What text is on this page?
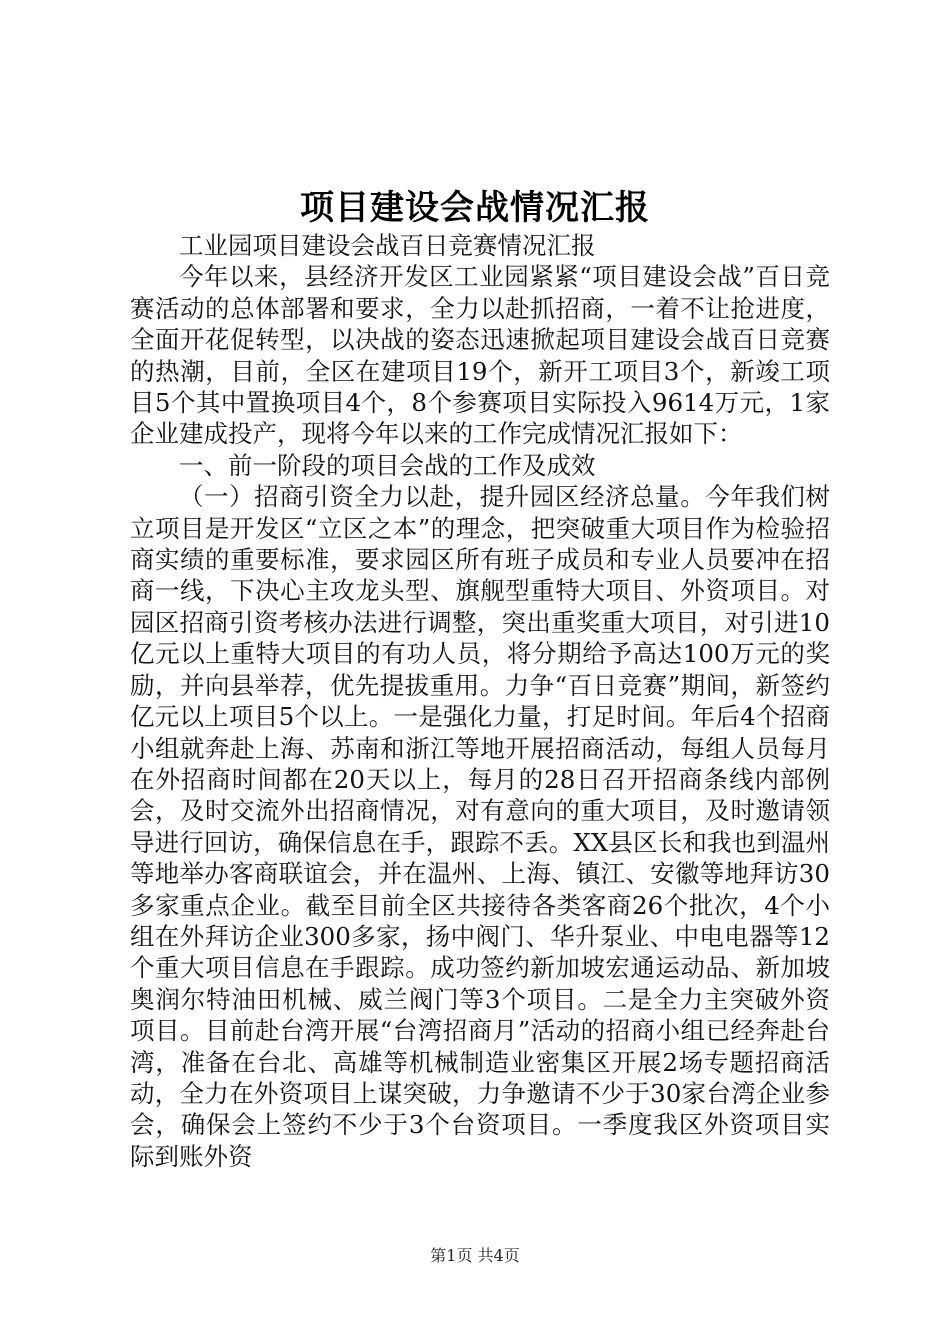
项目建设会战情况汇报

工业园项目建设会战百日竞赛情况汇报

今年以来，县经济开发区工业园紧紧“项目建设会战”百日竞赛活动的总体部署和要求，全力以赴抓招商，一着不让抢进度，全面开花促转型，以决战的姿态迅速掀起项目建设会战百日竞赛的热潮，目前，全区在建项目19个，新开工项目3个，新竣工项目5个其中置换项目4个，8个参赛项目实际投入9614万元，1家企业建成投产，现将今年以来的工作完成情况汇报如下：

一、前一阶段的项目会战的工作及成效

（一）招商引资全力以赴，提升园区经济总量。今年我们树立项目是开发区“立区之本”的理念，把突破重大项目作为检验招商实绩的重要标准，要求园区所有班子成员和专业人员要冲在招商一线，下决心主攻龙头型、旗舰型重特大项目、外资项目。对园区招商引资考核办法进行调整，突出重奖重大项目，对引进10亿元以上重特大项目的有功人员，将分期给予高达100万元的奖励，并向县举荐，优先提拔重用。力争“百日竞赛”期间，新签约亿元以上项目5个以上。一是强化力量，打足时间。年后4个招商小组就奔赴上海、苏南和浙江等地开展招商活动，每组人员每月在外招商时间都在20天以上，每月的28日召开招商条线内部例会，及时交流外出招商情况，对有意向的重大项目，及时邀请领导进行回访，确保信息在手，跟踪不丢。XX县区长和我也到温州等地举办客商联谊会，并在温州、上海、镇江、安徽等地拜访30多家重点企业。截至目前全区共接待各类客商26个批次，4个小组在外拜访企业300多家，扬中阀门、华升泵业、中电电器等12个重大项目信息在手跟踪。成功签约新加坡宏通运动品、新加坡奥润尔特油田机械、威兰阀门等3个项目。二是全力主突破外资项目。目前赴台湾开展“台湾招商月”活动的招商小组已经奔赴台湾，准备在台北、高雄等机械制造业密集区开展2场专题招商活动，全力在外资项目上谋突破，力争邀请不少于30家台湾企业参会，确保会上签约不少于3个台资项目。一季度我区外资项目实际到账外资

第1页 共4页
